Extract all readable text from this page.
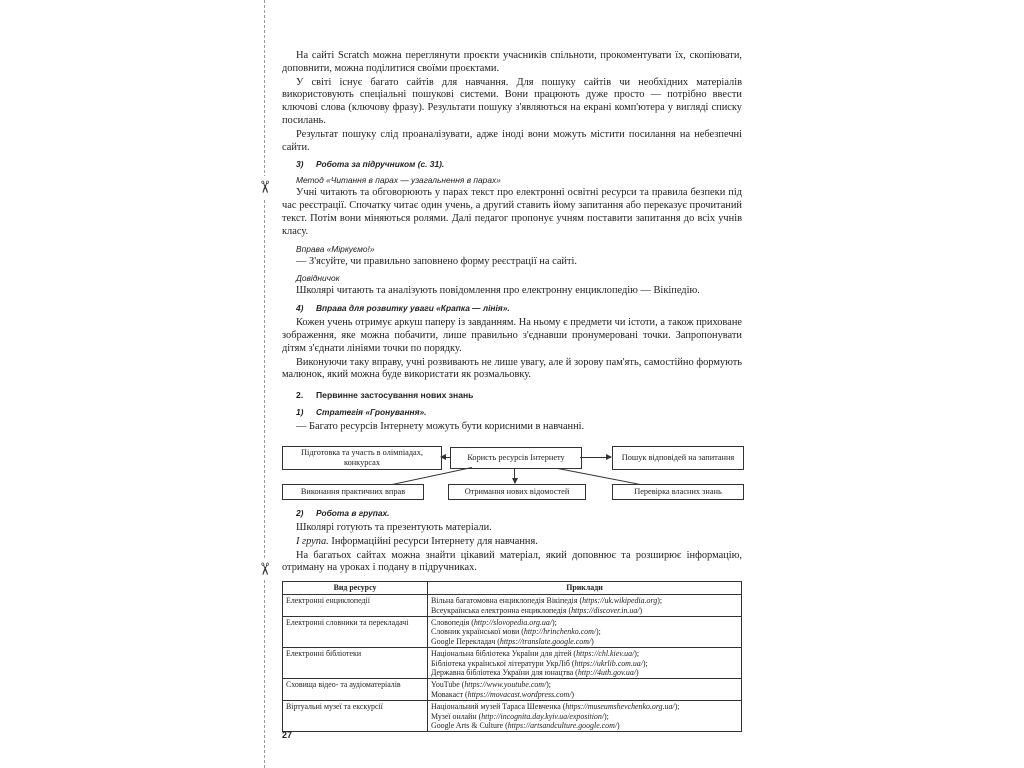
✂
✂

На сайті Scratch можна переглянути проєкти учасників спільноти, прокоментувати їх, скопіювати, доповнити, можна поділитися своїми проєктами.

У світі існує багато сайтів для навчання. Для пошуку сайтів чи необхідних матеріалів використовують спеціальні пошукові системи. Вони працюють дуже просто — потрібно ввести ключові слова (ключову фразу). Результати пошуку з'являються на екрані комп'ютера у вигляді списку посилань.

Результат пошуку слід проаналізувати, адже іноді вони можуть містити посилання на небезпечні сайти.

3) Робота за підручником (с. 31).
Метод «Читання в парах — узагальнення в парах»

Учні читають та обговорюють у парах текст про електронні освітні ресурси та правила безпеки під час реєстрації. Спочатку читає один учень, а другий ставить йому запитання або переказує прочитаний текст. Потім вони міняються ролями. Далі педагог пропонує учням поставити запитання до всіх учнів класу.

Вправа «Міркуємо!»

— З'ясуйте, чи правильно заповнено форму реєстрації на сайті.

Довідничок

Школярі читають та аналізують повідомлення про електронну енциклопедію — Вікіпедію.

4) Вправа для розвитку уваги «Крапка — лінія».

Кожен учень отримує аркуш паперу із завданням. На ньому є предмети чи істоти, а також приховане зображення, яке можна побачити, лише правильно з'єднавши пронумеровані точки. Запропонувати дітям з'єднати лініями точки по порядку.

Виконуючи таку вправу, учні розвивають не лише увагу, але й зорову пам'ять, самостійно формують малюнок, який можна буде використати як розмальовку.

2. Первинне застосування нових знань
1) Стратегія «Гронування».

— Багато ресурсів Інтернету можуть бути корисними в навчанні.

Підготовка та участь в олімпіадах, конкурсах
Користь ресурсів Інтернету	Пошук відповідей на запитання
Виконання практичних вправ	Отримання нових відомостей	Перевірка власних знань
2) Робота в групах.

Школярі готують та презентують матеріали.

I група. Інформаційні ресурси Інтернету для навчання.

На багатьох сайтах можна знайти цікавий матеріал, який доповнює та розширює інформацію, отриману на уроках і подану в підручниках.

Вид ресурсу	Приклади
Електронні енциклопедії	Вільна багатомовна енциклопедія Вікіпедія (https://uk.wikipedia.org);
Всеукраїнська електронна енциклопедія (https://discover.in.ua/)

Електронні словники та перекладачі	Словопедія (http://slovopedia.org.ua/);
Словник української мови (http://hrinchenko.com/);
Google Перекладач (https://translate.google.com/)

Електронні бібліотеки	Національна бібліотека України для дітей (https://chl.kiev.ua/);
Бібліотека української літератури УкрЛіб (https://ukrlib.com.ua/);
Державна бібліотека України для юнацтва (http://4uth.gov.ua/)

Сховища відео- та аудіоматеріалів	YouTube (https://www.youtube.com/);
Мовакаст (https://movacast.wordpress.com/)

Віртуальні музеї та екскурсії	Національний музей Тараса Шевченка (https://museumshevchenko.org.ua/);
Музеї онлайн (http://incognita.day.kyiv.ua/exposition/);
Google Arts & Culture (https://artsandculture.google.com/)
27
